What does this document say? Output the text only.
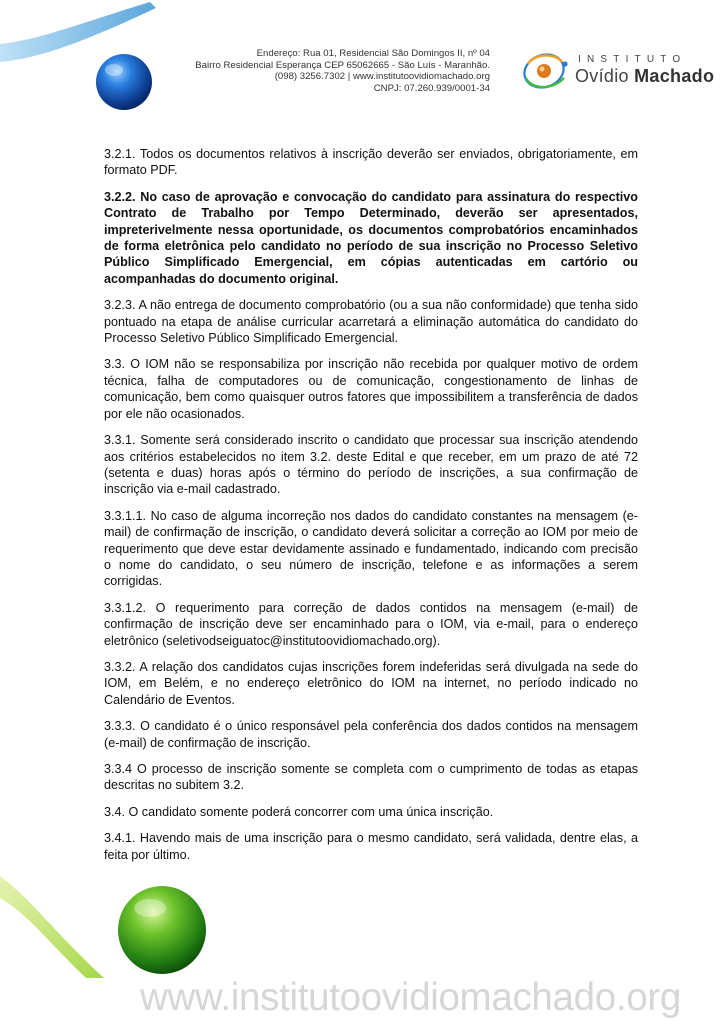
Endereço: Rua 01, Residencial São Domingos II, nº 04
Bairro Residencial Esperança CEP 65062665 - São Luís - Maranhão.
(098) 3256.7302 | www.institutoovidiomachado.org
CNPJ: 07.260.939/0001-34
INSTITUTO
Ovídio Machado

3.2.1. Todos os documentos relativos à inscrição deverão ser enviados, obrigatoriamente, em formato PDF.

3.2.2. No caso de aprovação e convocação do candidato para assinatura do respectivo Contrato de Trabalho por Tempo Determinado, deverão ser apresentados, impreterivelmente nessa oportunidade, os documentos comprobatórios encaminhados de forma eletrônica pelo candidato no período de sua inscrição no Processo Seletivo Público Simplificado Emergencial, em cópias autenticadas em cartório ou acompanhadas do documento original.

3.2.3. A não entrega de documento comprobatório (ou a sua não conformidade) que tenha sido pontuado na etapa de análise curricular acarretará a eliminação automática do candidato do Processo Seletivo Público Simplificado Emergencial.

3.3. O IOM não se responsabiliza por inscrição não recebida por qualquer motivo de ordem técnica, falha de computadores ou de comunicação, congestionamento de linhas de comunicação, bem como quaisquer outros fatores que impossibilitem a transferência de dados por ele não ocasionados.

3.3.1. Somente será considerado inscrito o candidato que processar sua inscrição atendendo aos critérios estabelecidos no item 3.2. deste Edital e que receber, em um prazo de até 72 (setenta e duas) horas após o término do período de inscrições, a sua confirmação de inscrição via e-mail cadastrado.

3.3.1.1. No caso de alguma incorreção nos dados do candidato constantes na mensagem (e-mail) de confirmação de inscrição, o candidato deverá solicitar a correção ao IOM por meio de requerimento que deve estar devidamente assinado e fundamentado, indicando com precisão o nome do candidato, o seu número de inscrição, telefone e as informações a serem corrigidas.

3.3.1.2. O requerimento para correção de dados contidos na mensagem (e-mail) de confirmação de inscrição deve ser encaminhado para o IOM, via e-mail, para o endereço eletrônico (seletivodseiguatoc@institutoovidiomachado.org).

3.3.2. A relação dos candidatos cujas inscrições forem indeferidas será divulgada na sede do IOM, em Belém, e no endereço eletrônico do IOM na internet, no período indicado no Calendário de Eventos.

3.3.3. O candidato é o único responsável pela conferência dos dados contidos na mensagem (e-mail) de confirmação de inscrição.

3.3.4 O processo de inscrição somente se completa com o cumprimento de todas as etapas descritas no subitem 3.2.

3.4. O candidato somente poderá concorrer com uma única inscrição.

3.4.1. Havendo mais de uma inscrição para o mesmo candidato, será validada, dentre elas, a feita por último.

www.institutoovidiomachado.org
